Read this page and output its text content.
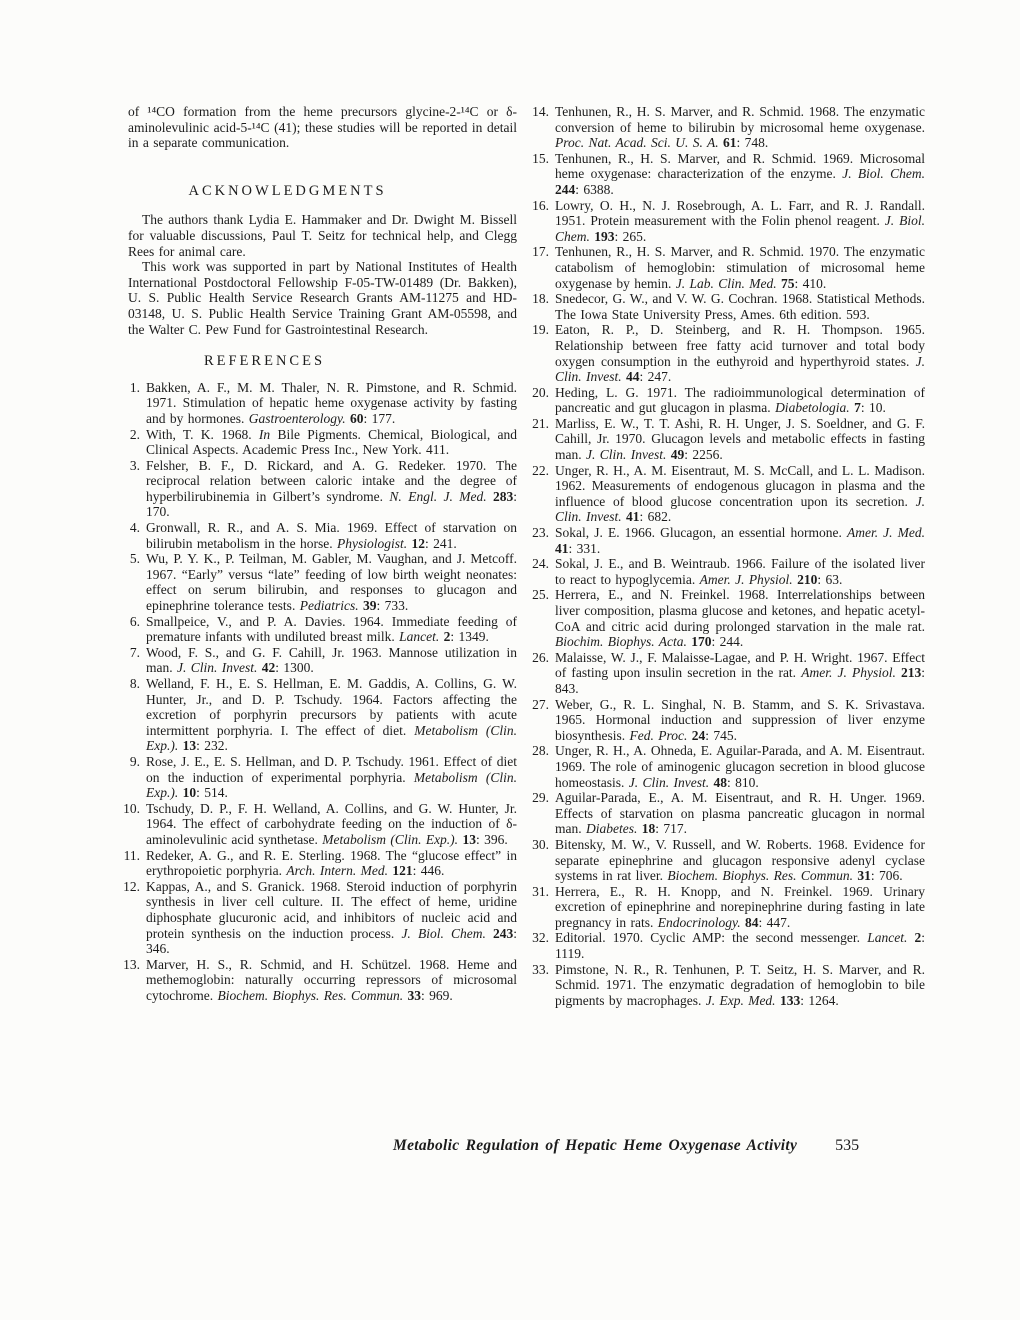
of ¹⁴CO formation from the heme precursors glycine-2-¹⁴C or δ-aminolevulinic acid-5-¹⁴C (41); these studies will be reported in detail in a separate communication.

ACKNOWLEDGMENTS

The authors thank Lydia E. Hammaker and Dr. Dwight M. Bissell for valuable discussions, Paul T. Seitz for technical help, and Clegg Rees for animal care.

This work was supported in part by National Institutes of Health International Postdoctoral Fellowship F-05-TW-01489 (Dr. Bakken), U. S. Public Health Service Research Grants AM-11275 and HD-03148, U. S. Public Health Service Training Grant AM-05598, and the Walter C. Pew Fund for Gastrointestinal Research.

REFERENCES
1. Bakken, A. F., M. M. Thaler, N. R. Pimstone, and R. Schmid. 1971. Stimulation of hepatic heme oxygenase activity by fasting and by hormones. Gastroenterology. 60: 177.
2. With, T. K. 1968. In Bile Pigments. Chemical, Biological, and Clinical Aspects. Academic Press Inc., New York. 411.
3. Felsher, B. F., D. Rickard, and A. G. Redeker. 1970. The reciprocal relation between caloric intake and the degree of hyperbilirubinemia in Gilbert’s syndrome. N. Engl. J. Med. 283: 170.
4. Gronwall, R. R., and A. S. Mia. 1969. Effect of starvation on bilirubin metabolism in the horse. Physiologist. 12: 241.
5. Wu, P. Y. K., P. Teilman, M. Gabler, M. Vaughan, and J. Metcoff. 1967. “Early” versus “late” feeding of low birth weight neonates: effect on serum bilirubin, and responses to glucagon and epinephrine tolerance tests. Pediatrics. 39: 733.
6. Smallpeice, V., and P. A. Davies. 1964. Immediate feeding of premature infants with undiluted breast milk. Lancet. 2: 1349.
7. Wood, F. S., and G. F. Cahill, Jr. 1963. Mannose utilization in man. J. Clin. Invest. 42: 1300.
8. Welland, F. H., E. S. Hellman, E. M. Gaddis, A. Collins, G. W. Hunter, Jr., and D. P. Tschudy. 1964. Factors affecting the excretion of porphyrin precursors by patients with acute intermittent porphyria. I. The effect of diet. Metabolism (Clin. Exp.). 13: 232.
9. Rose, J. E., E. S. Hellman, and D. P. Tschudy. 1961. Effect of diet on the induction of experimental porphyria. Metabolism (Clin. Exp.). 10: 514.
10. Tschudy, D. P., F. H. Welland, A. Collins, and G. W. Hunter, Jr. 1964. The effect of carbohydrate feeding on the induction of δ-aminolevulinic acid synthetase. Metabolism (Clin. Exp.). 13: 396.
11. Redeker, A. G., and R. E. Sterling. 1968. The “glucose effect” in erythropoietic porphyria. Arch. Intern. Med. 121: 446.
12. Kappas, A., and S. Granick. 1968. Steroid induction of porphyrin synthesis in liver cell culture. II. The effect of heme, uridine diphosphate glucuronic acid, and inhibitors of nucleic acid and protein synthesis on the induction process. J. Biol. Chem. 243: 346.
13. Marver, H. S., R. Schmid, and H. Schützel. 1968. Heme and methemoglobin: naturally occurring repressors of microsomal cytochrome. Biochem. Biophys. Res. Commun. 33: 969.
14. Tenhunen, R., H. S. Marver, and R. Schmid. 1968. The enzymatic conversion of heme to bilirubin by microsomal heme oxygenase. Proc. Nat. Acad. Sci. U. S. A. 61: 748.
15. Tenhunen, R., H. S. Marver, and R. Schmid. 1969. Microsomal heme oxygenase: characterization of the enzyme. J. Biol. Chem. 244: 6388.
16. Lowry, O. H., N. J. Rosebrough, A. L. Farr, and R. J. Randall. 1951. Protein measurement with the Folin phenol reagent. J. Biol. Chem. 193: 265.
17. Tenhunen, R., H. S. Marver, and R. Schmid. 1970. The enzymatic catabolism of hemoglobin: stimulation of microsomal heme oxygenase by hemin. J. Lab. Clin. Med. 75: 410.
18. Snedecor, G. W., and V. W. G. Cochran. 1968. Statistical Methods. The Iowa State University Press, Ames. 6th edition. 593.
19. Eaton, R. P., D. Steinberg, and R. H. Thompson. 1965. Relationship between free fatty acid turnover and total body oxygen consumption in the euthyroid and hyperthyroid states. J. Clin. Invest. 44: 247.
20. Heding, L. G. 1971. The radioimmunological determination of pancreatic and gut glucagon in plasma. Diabetologia. 7: 10.
21. Marliss, E. W., T. T. Ashi, R. H. Unger, J. S. Soeldner, and G. F. Cahill, Jr. 1970. Glucagon levels and metabolic effects in fasting man. J. Clin. Invest. 49: 2256.
22. Unger, R. H., A. M. Eisentraut, M. S. McCall, and L. L. Madison. 1962. Measurements of endogenous glucagon in plasma and the influence of blood glucose concentration upon its secretion. J. Clin. Invest. 41: 682.
23. Sokal, J. E. 1966. Glucagon, an essential hormone. Amer. J. Med. 41: 331.
24. Sokal, J. E., and B. Weintraub. 1966. Failure of the isolated liver to react to hypoglycemia. Amer. J. Physiol. 210: 63.
25. Herrera, E., and N. Freinkel. 1968. Interrelationships between liver composition, plasma glucose and ketones, and hepatic acetyl-CoA and citric acid during prolonged starvation in the male rat. Biochim. Biophys. Acta. 170: 244.
26. Malaisse, W. J., F. Malaisse-Lagae, and P. H. Wright. 1967. Effect of fasting upon insulin secretion in the rat. Amer. J. Physiol. 213: 843.
27. Weber, G., R. L. Singhal, N. B. Stamm, and S. K. Srivastava. 1965. Hormonal induction and suppression of liver enzyme biosynthesis. Fed. Proc. 24: 745.
28. Unger, R. H., A. Ohneda, E. Aguilar-Parada, and A. M. Eisentraut. 1969. The role of aminogenic glucagon secretion in blood glucose homeostasis. J. Clin. Invest. 48: 810.
29. Aguilar-Parada, E., A. M. Eisentraut, and R. H. Unger. 1969. Effects of starvation on plasma pancreatic glucagon in normal man. Diabetes. 18: 717.
30. Bitensky, M. W., V. Russell, and W. Roberts. 1968. Evidence for separate epinephrine and glucagon responsive adenyl cyclase systems in rat liver. Biochem. Biophys. Res. Commun. 31: 706.
31. Herrera, E., R. H. Knopp, and N. Freinkel. 1969. Urinary excretion of epinephrine and norepinephrine during fasting in late pregnancy in rats. Endocrinology. 84: 447.
32. Editorial. 1970. Cyclic AMP: the second messenger. Lancet. 2: 1119.
33. Pimstone, N. R., R. Tenhunen, P. T. Seitz, H. S. Marver, and R. Schmid. 1971. The enzymatic degradation of hemoglobin to bile pigments by macrophages. J. Exp. Med. 133: 1264.
Metabolic Regulation of Hepatic Heme Oxygenase Activity 535
